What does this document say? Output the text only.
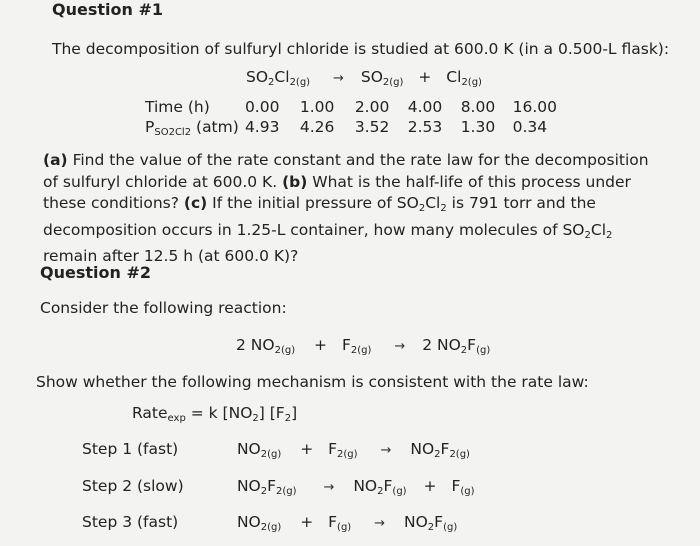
Question #1
The decomposition of sulfuryl chloride is studied at 600.0 K (in a 0.500-L flask):
$SO_2Cl_{2(g)} \to SO_{2(g)} + Cl_{2(g)}$
Time (h) 0.00 1.00 2.00 4.00 8.00 16.00
PSO2Cl2 (atm) 4.93 4.26 3.52 2.53 1.30 0.34
(a) Find the value of the rate constant and the rate law for the decomposition of sulfuryl chloride at 600.0 K. (b) What is the half-life of this process under these conditions? (c) If the initial pressure of $SO_2Cl_2$ is 791 torr and the decomposition occurs in 1.25-L container, how many molecules of $SO_2Cl_2$ remain after 12.5 h (at 600.0 K)?
Question #2
Consider the following reaction:
2 $NO_{2(g)} + F_{2(g)} \to 2$ $NO_2F_{(g)}$
Show whether the following mechanism is consistent with the rate law:
Rate$_{exp}$ = k $[NO_2]$ $[F_2]$
Step 1 (fast)	$NO_{2(g)} + F_{2(g)} \to NO_2F_{2(g)}$
Step 2 (slow)	$NO_2F_{2(g)} \to NO_2F_{(g)} + F_{(g)}$
Step 3 (fast)	$NO_{2(g)} + F_{(g)} \to NO_2F_{(g)}$
